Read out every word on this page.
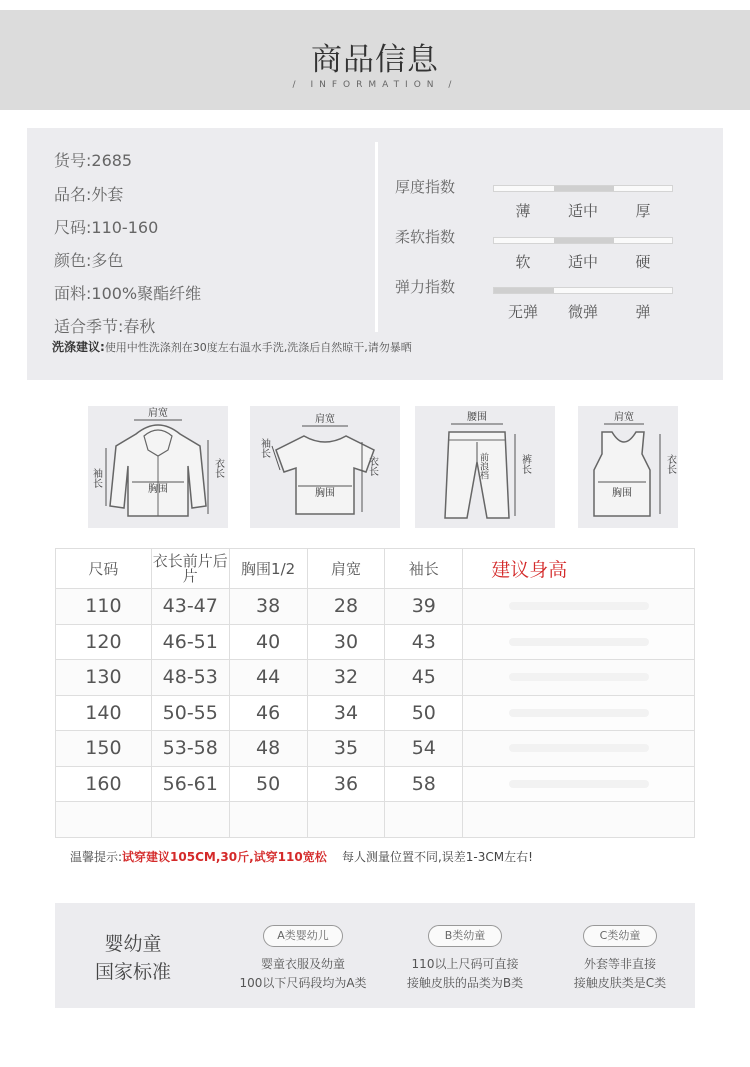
商品信息
/ INFORMATION /
货号:2685
品名:外套
尺码:110-160
颜色:多色
面料:100%聚酯纤维
适合季节:春秋
洗涤建议:使用中性洗涤剂在30度左右温水手洗,洗涤后自然晾干,请勿暴晒
厚度指数
薄	适中	厚
柔软指数
软	适中	硬
弹力指数
无弹	微弹	弹
肩宽
胸围
袖长	衣长
肩宽
胸围
袖长
衣长
腰围
前浪档	裤长
肩宽
胸围
衣长
尺码	衣长前片后片	胸围1/2	肩宽	袖长	建议身高
110	43-47	38	28	39	

120	46-51	40	30	43	

130	48-53	44	32	45	

140	50-55	46	34	50	

150	53-58	48	35	54	

160	56-61	50	36	58	

温馨提示:试穿建议105CM,30斤,试穿110宽松 每人测量位置不同,误差1-3CM左右!
婴幼童
国家标准
A类婴幼儿
婴童衣服及幼童
100以下尺码段均为A类
B类幼童
110以上尺码可直接
接触皮肤的品类为B类
C类幼童
外套等非直接
接触皮肤类是C类
